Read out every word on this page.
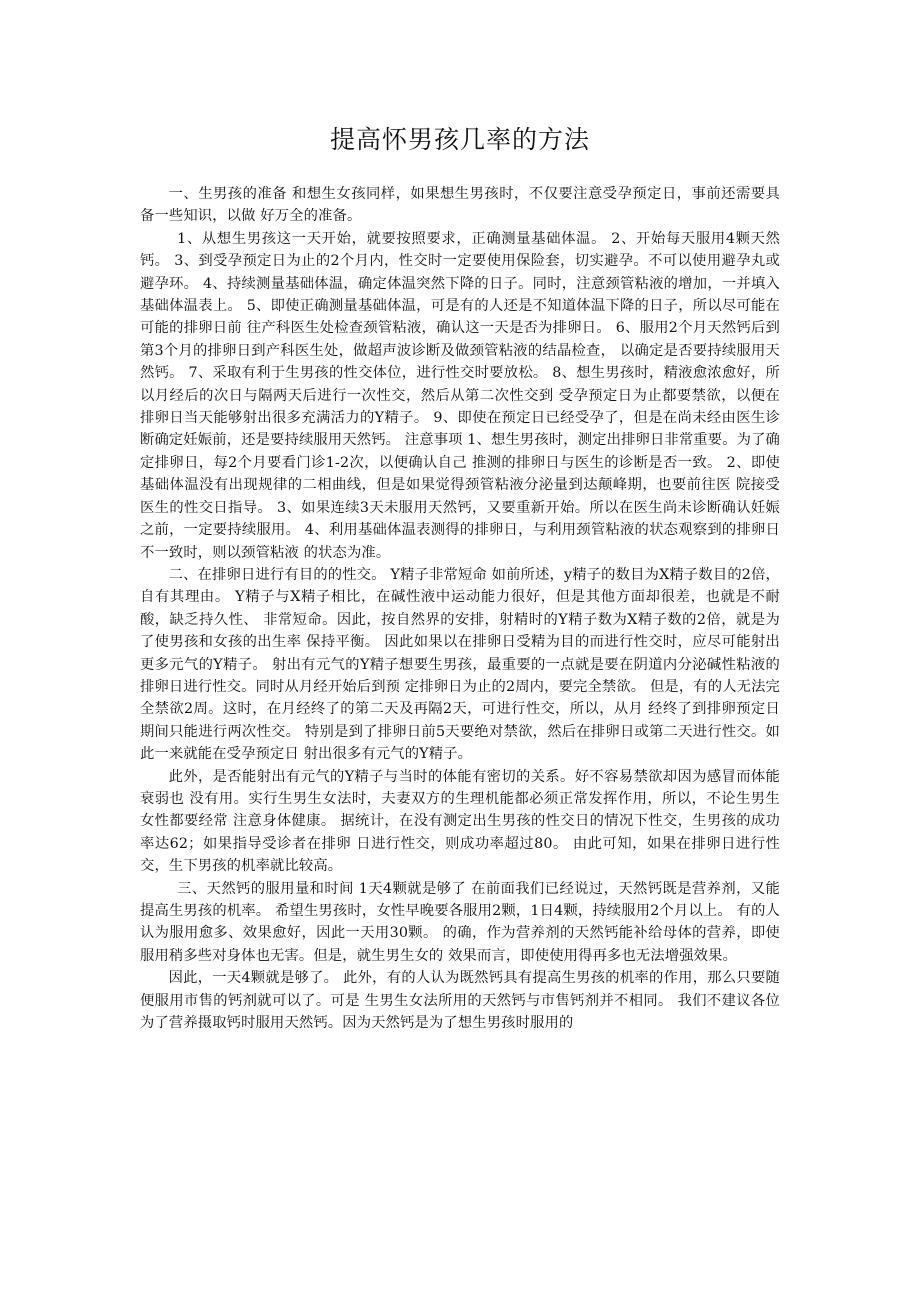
提高怀男孩几率的方法

一、生男孩的准备 和想生女孩同样，如果想生男孩时，不仅要注意受孕预定日，事前还需要具备一些知识，以做 好万全的准备。

1、从想生男孩这一天开始，就要按照要求，正确测量基础体温。 2、开始每天服用4颗天然钙。 3、到受孕预定日为止的2个月内，性交时一定要使用保险套，切实避孕。不可以使用避孕丸或避孕环。 4、持续测量基础体温，确定体温突然下降的日子。同时，注意颈管粘液的增加，一并填入基础体温表上。 5、即使正确测量基础体温，可是有的人还是不知道体温下降的日子，所以尽可能在可能的排卵日前 往产科医生处检查颈管粘液，确认这一天是否为排卵日。 6、服用2个月天然钙后到第3个月的排卵日到产科医生处，做超声波诊断及做颈管粘液的结晶检查， 以确定是否要持续服用天然钙。 7、采取有利于生男孩的性交体位，进行性交时要放松。 8、想生男孩时，精液愈浓愈好，所以月经后的次日与隔两天后进行一次性交，然后从第二次性交到 受孕预定日为止都要禁欲，以便在排卵日当天能够射出很多充满活力的Y精子。 9、即使在预定日已经受孕了，但是在尚未经由医生诊断确定妊娠前，还是要持续服用天然钙。 注意事项 1、想生男孩时，测定出排卵日非常重要。为了确定排卵日，每2个月要看门诊1-2次，以便确认自己 推测的排卵日与医生的诊断是否一致。 2、即使基础体温没有出现规律的二相曲线，但是如果觉得颈管粘液分泌量到达颠峰期，也要前往医 院接受医生的性交日指导。 3、如果连续3天未服用天然钙，又要重新开始。所以在医生尚未诊断确认妊娠之前，一定要持续服用。 4、利用基础体温表测得的排卵日，与利用颈管粘液的状态观察到的排卵日不一致时，则以颈管粘液 的状态为准。

二、在排卵日进行有目的的性交。 Y精子非常短命 如前所述，y精子的数目为X精子数目的2倍，自有其理由。 Y精子与X精子相比，在碱性液中运动能力很好，但是其他方面却很差，也就是不耐酸，缺乏持久性、 非常短命。因此，按自然界的安排，射精时的Y精子数为X精子数的2倍，就是为了使男孩和女孩的出生率 保持平衡。 因此如果以在排卵日受精为目的而进行性交时，应尽可能射出更多元气的Y精子。 射出有元气的Y精子想要生男孩，最重要的一点就是要在阴道内分泌碱性粘液的排卵日进行性交。同时从月经开始后到预 定排卵日为止的2周内，要完全禁欲。 但是，有的人无法完全禁欲2周。这时，在月经终了的第二天及再隔2天，可进行性交，所以，从月 经终了到排卵预定日期间只能进行两次性交。 特别是到了排卵日前5天要绝对禁欲，然后在排卵日或第二天进行性交。如此一来就能在受孕预定日 射出很多有元气的Y精子。

此外，是否能射出有元气的Y精子与当时的体能有密切的关系。好不容易禁欲却因为感冒而体能衰弱也 没有用。实行生男生女法时，夫妻双方的生理机能都必须正常发挥作用，所以，不论生男生女性都要经常 注意身体健康。 据统计，在没有测定出生男孩的性交日的情况下性交，生男孩的成功率达62；如果指导受诊者在排卵 日进行性交，则成功率超过80。 由此可知，如果在排卵日进行性交，生下男孩的机率就比较高。

三、天然钙的服用量和时间 1天4颗就是够了 在前面我们已经说过，天然钙既是营养剂，又能提高生男孩的机率。 希望生男孩时，女性早晚要各服用2颗，1日4颗，持续服用2个月以上。 有的人认为服用愈多、效果愈好，因此一天用30颗。 的确，作为营养剂的天然钙能补给母体的营养，即使服用稍多些对身体也无害。但是，就生男生女的 效果而言，即使使用得再多也无法增强效果。

因此，一天4颗就是够了。 此外，有的人认为既然钙具有提高生男孩的机率的作用，那么只要随便服用市售的钙剂就可以了。可是 生男生女法所用的天然钙与市售钙剂并不相同。 我们不建议各位为了营养摄取钙时服用天然钙。因为天然钙是为了想生男孩时服用的
